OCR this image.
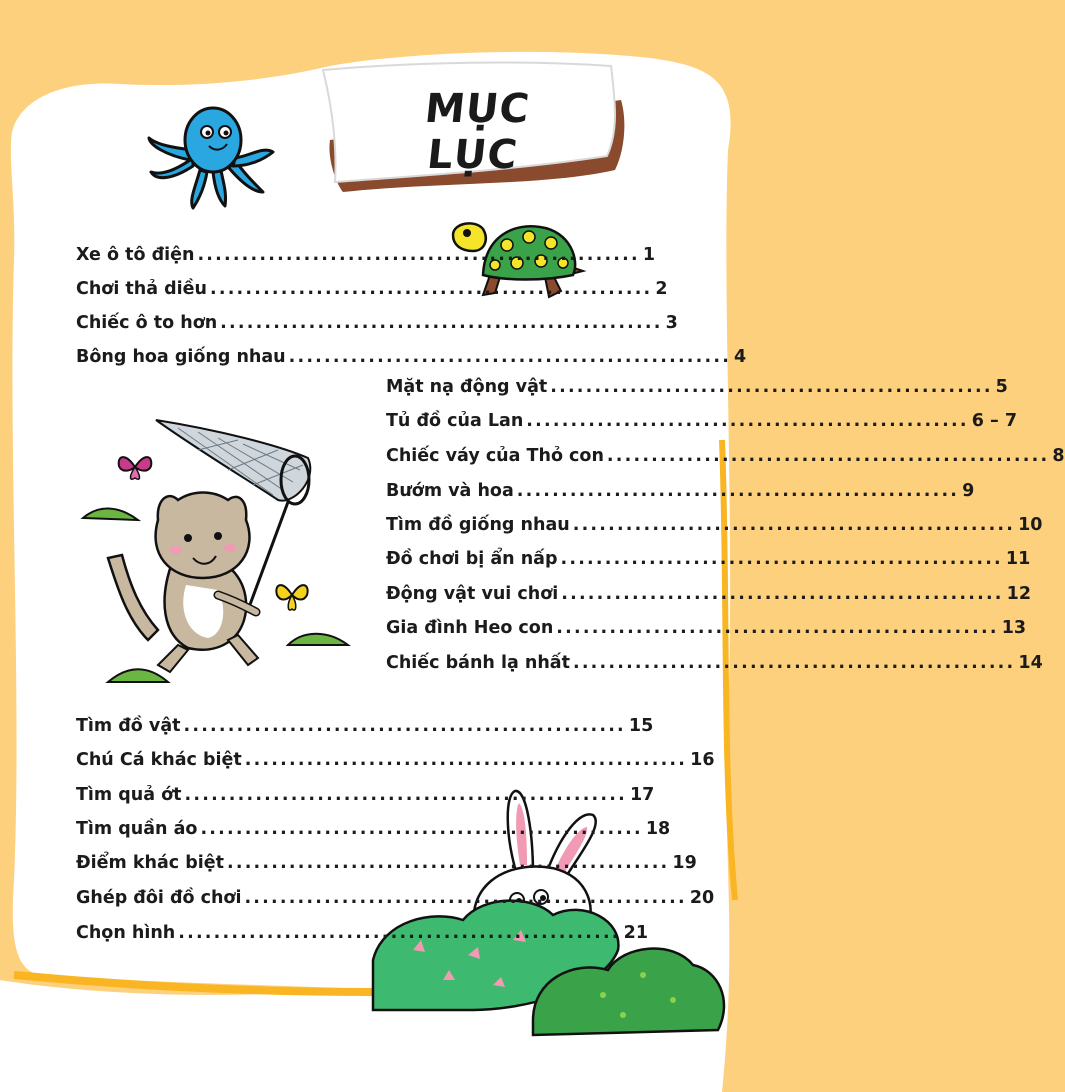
MỤC LỤC
Xe ô tô điện .................................................. 1
Chơi thả diều .................................................. 2
Chiếc ô to hơn .................................................. 3
Bông hoa giống nhau .................................................. 4
Mặt nạ động vật .................................................. 5
Tủ đồ của Lan .................................................. 6 – 7
Chiếc váy của Thỏ con .................................................. 8
Bướm và hoa .................................................. 9
Tìm đồ giống nhau .................................................. 10
Đồ chơi bị ẩn nấp .................................................. 11
Động vật vui chơi .................................................. 12
Gia đình Heo con .................................................. 13
Chiếc bánh lạ nhất .................................................. 14
Tìm đồ vật .................................................. 15
Chú Cá khác biệt .................................................. 16
Tìm quả ớt .................................................. 17
Tìm quần áo .................................................. 18
Điểm khác biệt .................................................. 19
Ghép đôi đồ chơi .................................................. 20
Chọn hình .................................................. 21
